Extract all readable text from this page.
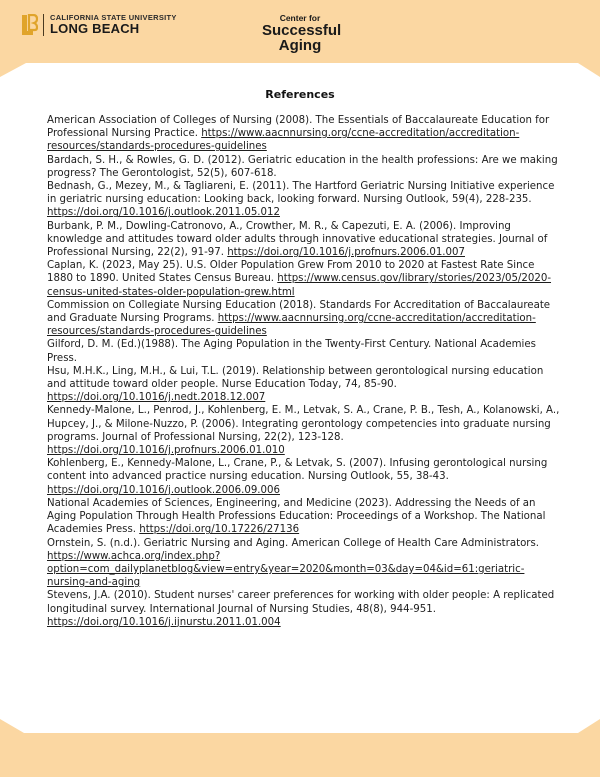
CALIFORNIA STATE UNIVERSITY
LONG BEACH
Center for
Successful
Aging
References

American Association of Colleges of Nursing (2008). The Essentials of Baccalaureate Education for Professional Nursing Practice. https://www.aacnnursing.org/ccne-accreditation/accreditation-resources/standards-procedures-guidelines

Bardach, S. H., & Rowles, G. D. (2012). Geriatric education in the health professions: Are we making progress? The Gerontologist, 52(5), 607-618.

Bednash, G., Mezey, M., & Tagliareni, E. (2011). The Hartford Geriatric Nursing Initiative experience in geriatric nursing education: Looking back, looking forward. Nursing Outlook, 59(4), 228-235. https://doi.org/10.1016/j.outlook.2011.05.012

Burbank, P. M., Dowling-Catronovo, A., Crowther, M. R., & Capezuti, E. A. (2006). Improving knowledge and attitudes toward older adults through innovative educational strategies. Journal of Professional Nursing, 22(2), 91-97. https://doi.org/10.1016/j.profnurs.2006.01.007

Caplan, K. (2023, May 25). U.S. Older Population Grew From 2010 to 2020 at Fastest Rate Since 1880 to 1890. United States Census Bureau. https://www.census.gov/library/stories/2023/05/2020-census-united-states-older-population-grew.html

Commission on Collegiate Nursing Education (2018). Standards For Accreditation of Baccalaureate and Graduate Nursing Programs. https://www.aacnnursing.org/ccne-accreditation/accreditation-resources/standards-procedures-guidelines

Gilford, D. M. (Ed.)(1988). The Aging Population in the Twenty-First Century. National Academies Press.

Hsu, M.H.K., Ling, M.H., & Lui, T.L. (2019). Relationship between gerontological nursing education and attitude toward older people. Nurse Education Today, 74, 85-90. https://doi.org/10.1016/j.nedt.2018.12.007

Kennedy-Malone, L., Penrod, J., Kohlenberg, E. M., Letvak, S. A., Crane, P. B., Tesh, A., Kolanowski, A., Hupcey, J., & Milone-Nuzzo, P. (2006). Integrating gerontology competencies into graduate nursing programs. Journal of Professional Nursing, 22(2), 123-128. https://doi.org/10.1016/j.profnurs.2006.01.010

Kohlenberg, E., Kennedy-Malone, L., Crane, P., & Letvak, S. (2007). Infusing gerontological nursing content into advanced practice nursing education. Nursing Outlook, 55, 38-43. https://doi.org/10.1016/j.outlook.2006.09.006

National Academies of Sciences, Engineering, and Medicine (2023). Addressing the Needs of an Aging Population Through Health Professions Education: Proceedings of a Workshop. The National Academies Press. https://doi.org/10.17226/27136

Ornstein, S. (n.d.). Geriatric Nursing and Aging. American College of Health Care Administrators. https://www.achca.org/index.php?option=com_dailyplanetblog&view=entry&year=2020&month=03&day=04&id=61:geriatric-nursing-and-aging

Stevens, J.A. (2010). Student nurses' career preferences for working with older people: A replicated longitudinal survey. International Journal of Nursing Studies, 48(8), 944-951. https://doi.org/10.1016/j.ijnurstu.2011.01.004
